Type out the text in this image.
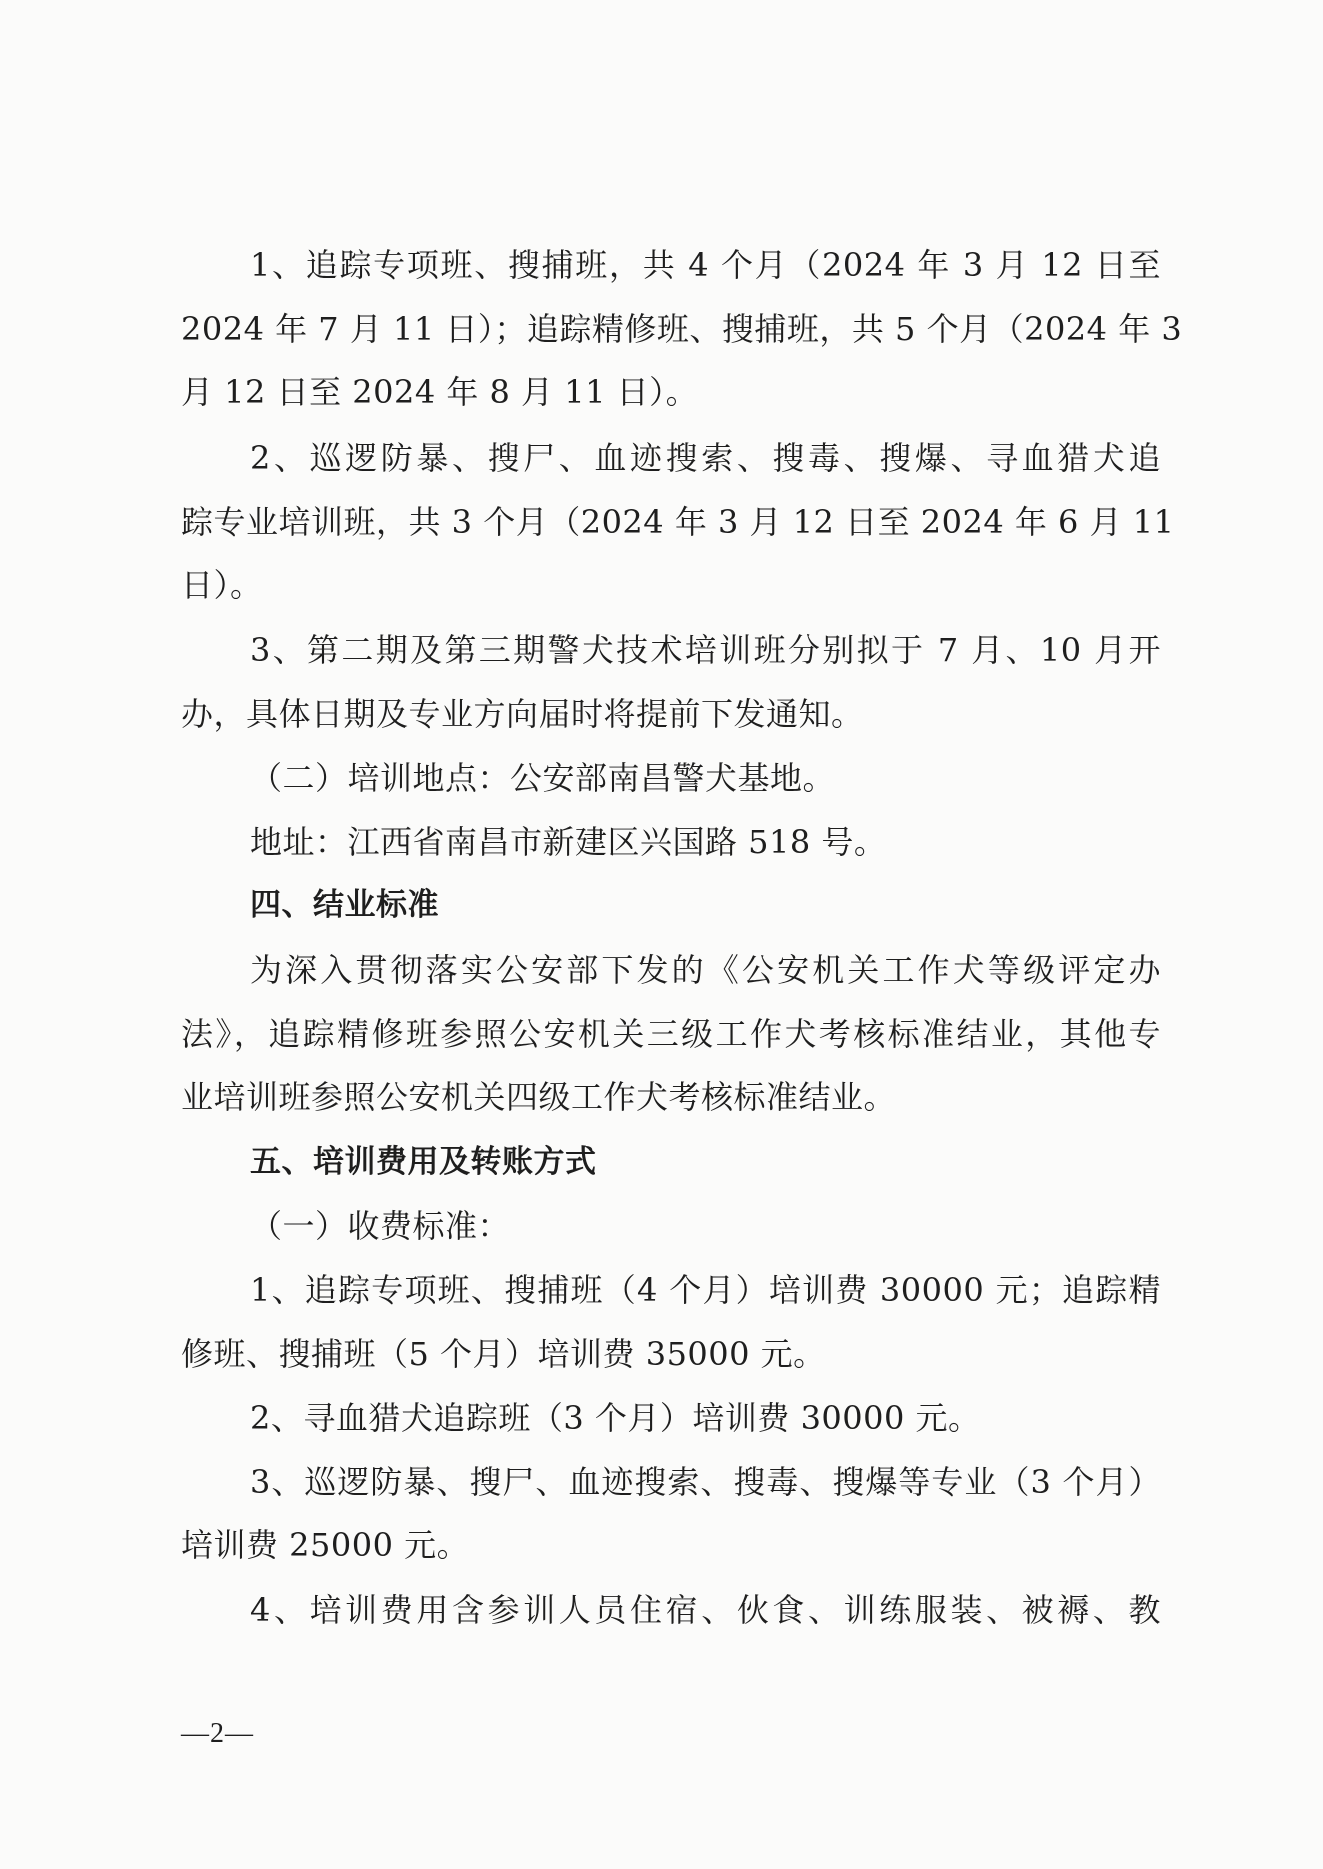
1、追踪专项班、搜捕班，共 4 个月（2024 年 3 月 12 日至
2024 年 7 月 11 日）；追踪精修班、搜捕班，共 5 个月（2024 年 3
月 12 日至 2024 年 8 月 11 日）。
2、巡逻防暴、搜尸、血迹搜索、搜毒、搜爆、寻血猎犬追
踪专业培训班，共 3 个月（2024 年 3 月 12 日至 2024 年 6 月 11
日）。
3、第二期及第三期警犬技术培训班分别拟于 7 月、10 月开
办，具体日期及专业方向届时将提前下发通知。
（二）培训地点：公安部南昌警犬基地。
地址：江西省南昌市新建区兴国路 518 号。
四、结业标准
为深入贯彻落实公安部下发的《公安机关工作犬等级评定办
法》，追踪精修班参照公安机关三级工作犬考核标准结业，其他专
业培训班参照公安机关四级工作犬考核标准结业。
五、培训费用及转账方式
（一）收费标准：
1、追踪专项班、搜捕班（4 个月）培训费 30000 元；追踪精
修班、搜捕班（5 个月）培训费 35000 元。
2、寻血猎犬追踪班（3 个月）培训费 30000 元。
3、巡逻防暴、搜尸、血迹搜索、搜毒、搜爆等专业（3 个月）
培训费 25000 元。
4、培训费用含参训人员住宿、伙食、训练服装、被褥、教
—2—
